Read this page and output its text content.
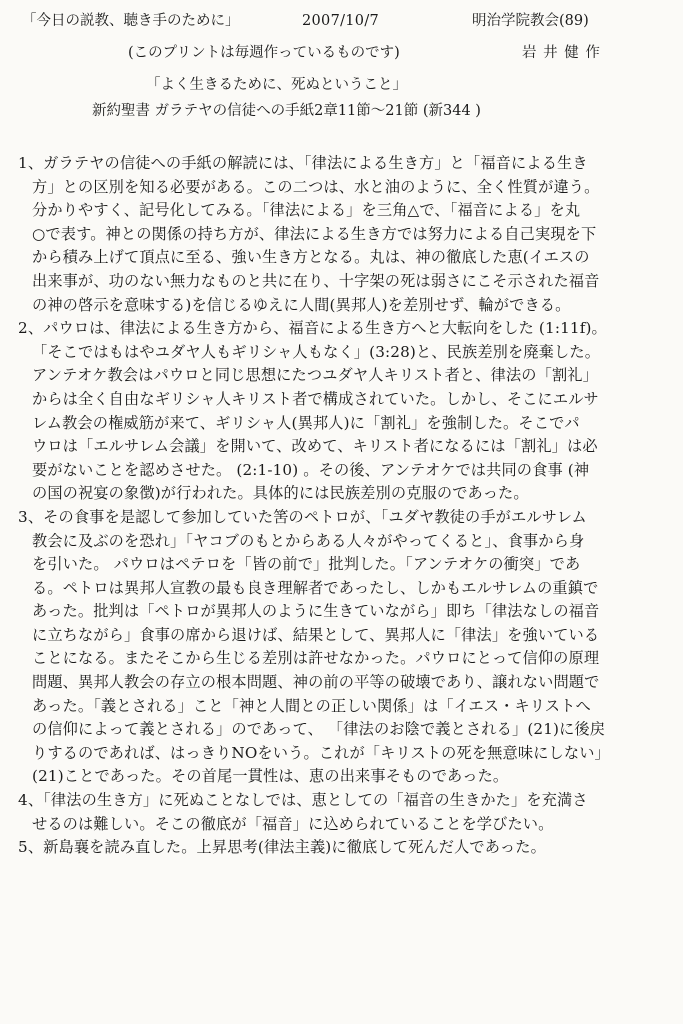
「今日の説教、聴き手のために」	2007/10/7	明治学院教会(89)
(このプリントは毎週作っているものです)	岩 井 健 作
「よく生きるために、死ぬということ」
新約聖書 ガラテヤの信徒への手紙2章11節〜21節 (新344 )
1、ガラテヤの信徒への手紙の解読には、「律法による生き方」と「福音による生き
方」との区別を知る必要がある。この二つは、水と油のように、全く性質が違う。
分かりやすく、記号化してみる。「律法による」を三角△で、「福音による」を丸
○で表す。神との関係の持ち方が、律法による生き方では努力による自己実現を下
から積み上げて頂点に至る、強い生き方となる。丸は、神の徹底した恵(イエスの
出来事が、功のない無力なものと共に在り、十字架の死は弱さにこそ示された福音
の神の啓示を意味する)を信じるゆえに人間(異邦人)を差別せず、輪ができる。
2、パウロは、律法による生き方から、福音による生き方へと大転向をした (1:11f)。
「そこではもはやユダヤ人もギリシャ人もなく」(3:28)と、民族差別を廃棄した。
アンテオケ教会はパウロと同じ思想にたつユダヤ人キリスト者と、律法の「割礼」
からは全く自由なギリシャ人キリスト者で構成されていた。しかし、そこにエルサ
レム教会の権威筋が来て、ギリシャ人(異邦人)に「割礼」を強制した。そこでパ
ウロは「エルサレム会議」を開いて、改めて、キリスト者になるには「割礼」は必
要がないことを認めさせた。 (2:1-10) 。その後、アンテオケでは共同の食事 (神
の国の祝宴の象徴)が行われた。具体的には民族差別の克服のであった。
3、その食事を是認して参加していた筈のペトロが、「ユダヤ教徒の手がエルサレム
教会に及ぶのを恐れ」「ヤコブのもとからある人々がやってくると」、食事から身
を引いた。 パウロはペテロを「皆の前で」批判した。「アンテオケの衝突」であ
る。ペトロは異邦人宣教の最も良き理解者であったし、しかもエルサレムの重鎮で
あった。批判は「ペトロが異邦人のように生きていながら」即ち「律法なしの福音
に立ちながら」食事の席から退けば、結果として、異邦人に「律法」を強いている
ことになる。またそこから生じる差別は許せなかった。パウロにとって信仰の原理
問題、異邦人教会の存立の根本問題、神の前の平等の破壊であり、譲れない問題で
あった。「義とされる」こと「神と人間との正しい関係」は「イエス・キリストへ
の信仰によって義とされる」のであって、 「律法のお陰で義とされる」(21)に後戻
りするのであれば、はっきりNOをいう。これが「キリストの死を無意味にしない」
(21)ことであった。その首尾一貫性は、恵の出来事そものであった。
4、「律法の生き方」に死ぬことなしでは、恵としての「福音の生きかた」を充満さ
せるのは難しい。そこの徹底が「福音」に込められていることを学びたい。
5、新島襄を読み直した。上昇思考(律法主義)に徹底して死んだ人であった。
